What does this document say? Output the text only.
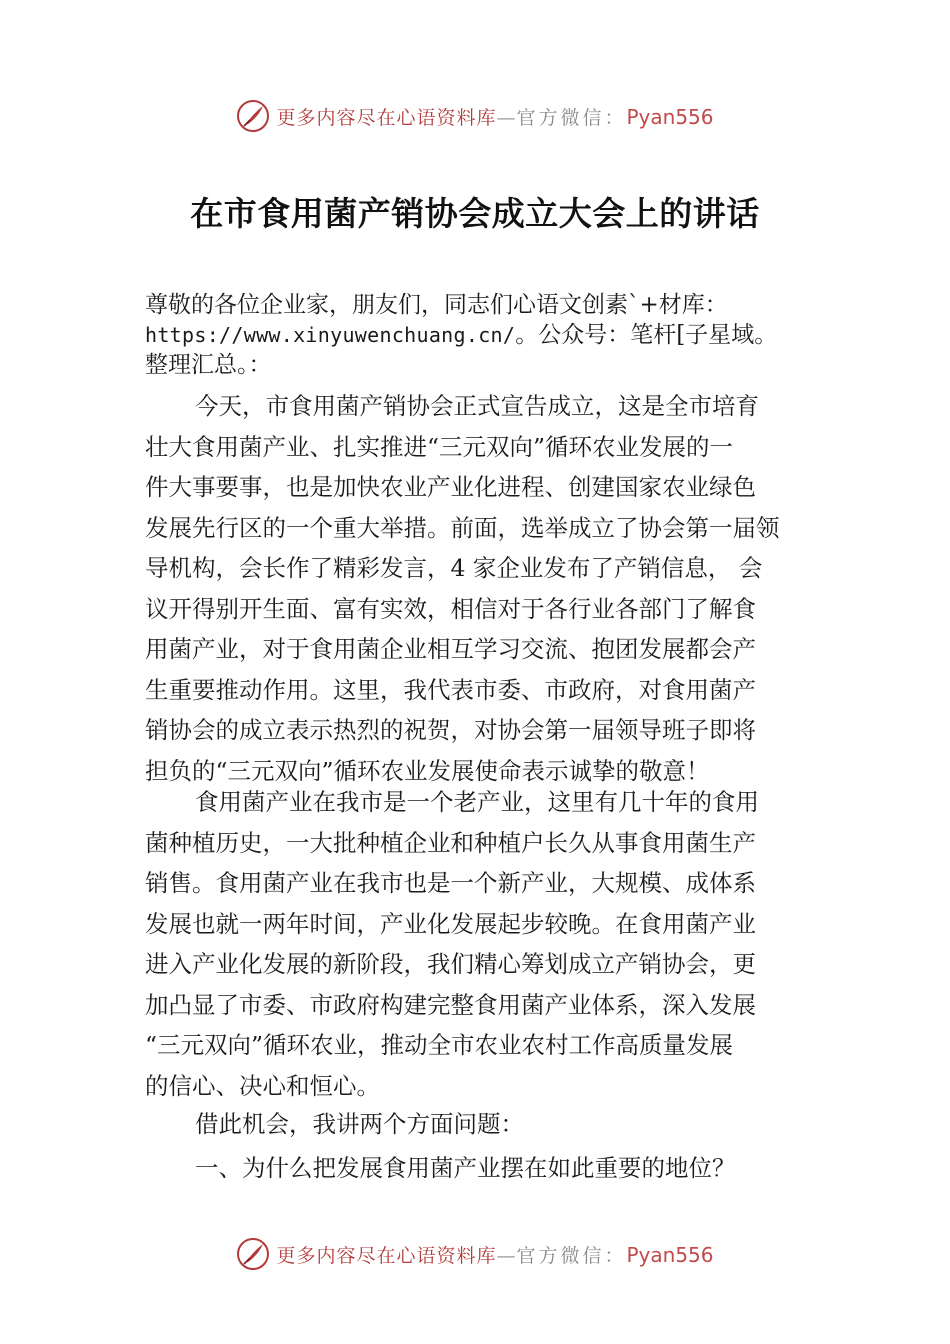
更多内容尽在心语资料库—官方微信：Pyan556
在市食用菌产销协会成立大会上的讲话
尊敬的各位企业家，朋友们，同志们心语文创素`+材库：
https://www.xinyuwenchuang.cn/。公众号：笔杆[子星域。
整理汇总。：
今天，市食用菌产销协会正式宣告成立，这是全市培育
壮大食用菌产业、扎实推进“三元双向”循环农业发展的一
件大事要事，也是加快农业产业化进程、创建国家农业绿色
发展先行区的一个重大举措。前面，选举成立了协会第一届领
导机构，会长作了精彩发言，4 家企业发布了产销信息， 会
议开得别开生面、富有实效，相信对于各行业各部门了解食
用菌产业，对于食用菌企业相互学习交流、抱团发展都会产
生重要推动作用。这里，我代表市委、市政府，对食用菌产
销协会的成立表示热烈的祝贺，对协会第一届领导班子即将
担负的“三元双向”循环农业发展使命表示诚挚的敬意！
食用菌产业在我市是一个老产业，这里有几十年的食用
菌种植历史，一大批种植企业和种植户长久从事食用菌生产
销售。食用菌产业在我市也是一个新产业，大规模、成体系
发展也就一两年时间，产业化发展起步较晚。在食用菌产业
进入产业化发展的新阶段，我们精心筹划成立产销协会，更
加凸显了市委、市政府构建完整食用菌产业体系，深入发展
“三元双向”循环农业，推动全市农业农村工作高质量发展
的信心、决心和恒心。
借此机会，我讲两个方面问题：
一、为什么把发展食用菌产业摆在如此重要的地位？
更多内容尽在心语资料库—官方微信：Pyan556
